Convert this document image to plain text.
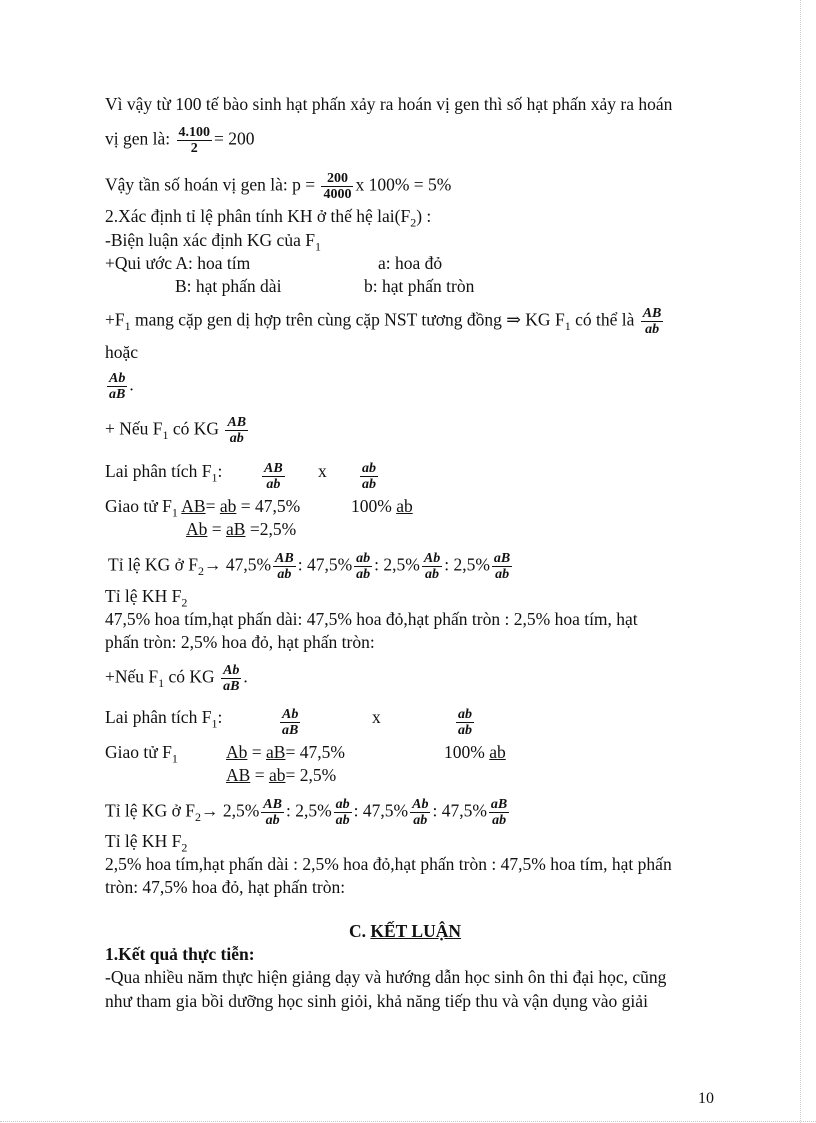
Vì vậy từ 100 tế bào sinh hạt phấn xảy ra hoán vị gen thì số hạt phấn xảy ra hoán
vị gen là: $\frac{4.100}{2} = 200$
Vậy tần số hoán vị gen là: $p = \frac{200}{4000}$ x 100% = 5%
2.Xác định tỉ lệ phân tính KH ở thế hệ $lai(F_2)$ :
-Biện luận xác định KG của $F_1$
+Qui ước A: hoa tím	a: hoa đỏ
B: hạt phấn dài	b: hạt phấn tròn
$+F_1$ mang cặp gen dị hợp trên cùng cặp NST tương đồng ⇒ KG $F_1$ có thể là $\frac{AB}{ab}$
hoặc
$\frac{Ab}{aB}$ .
+ Nếu $F_1$ có KG $\frac{AB}{ab}$
Lai phân tích $F_1$:	$\frac{AB}{ab}$ x $\frac{ab}{ab}$
Giao tử $F_1$ AB= ab = 47,5%	100% ab
Ab = aB =2,5%
Tỉ lệ KG ở $F_2\to 47,5\% \frac{AB}{ab}$ : $47,5\% \frac{ab}{ab}$ : $2,5\% \frac{Ab}{ab}$ : $2,5\% \frac{aB}{ab}$
Tỉ lệ KH $F_2$
47,5% hoa tím,hạt phấn dài: 47,5% hoa đỏ,hạt phấn tròn : 2,5% hoa tím, hạt
phấn tròn: 2,5% hoa đỏ, hạt phấn tròn:
+Nếu $F_1$ có KG $\frac{Ab}{aB}$ .
Lai phân tích $F_1$:	$\frac{Ab}{aB}$	x	$\frac{ab}{ab}$
Giao tử $F_1$	Ab = aB= 47,5%	100% ab
AB = ab= 2,5%
Tỉ lệ KG ở $F_2\to 2,5\% \frac{AB}{ab}$ : $2,5\% \frac{ab}{ab}$ : $47,5\% \frac{Ab}{ab}$ : $47,5\% \frac{aB}{ab}$
Tỉ lệ KH $F_2$
2,5% hoa tím,hạt phấn dài : 2,5% hoa đỏ,hạt phấn tròn : 47,5% hoa tím, hạt phấn
tròn: 47,5% hoa đỏ, hạt phấn tròn:
C. KẾT LUẬN
1.Kết quả thực tiễn:
-Qua nhiều năm thực hiện giảng dạy và hướng dẫn học sinh ôn thi đại học, cũng
như tham gia bồi dưỡng học sinh giỏi, khả năng tiếp thu và vận dụng vào giải
10
